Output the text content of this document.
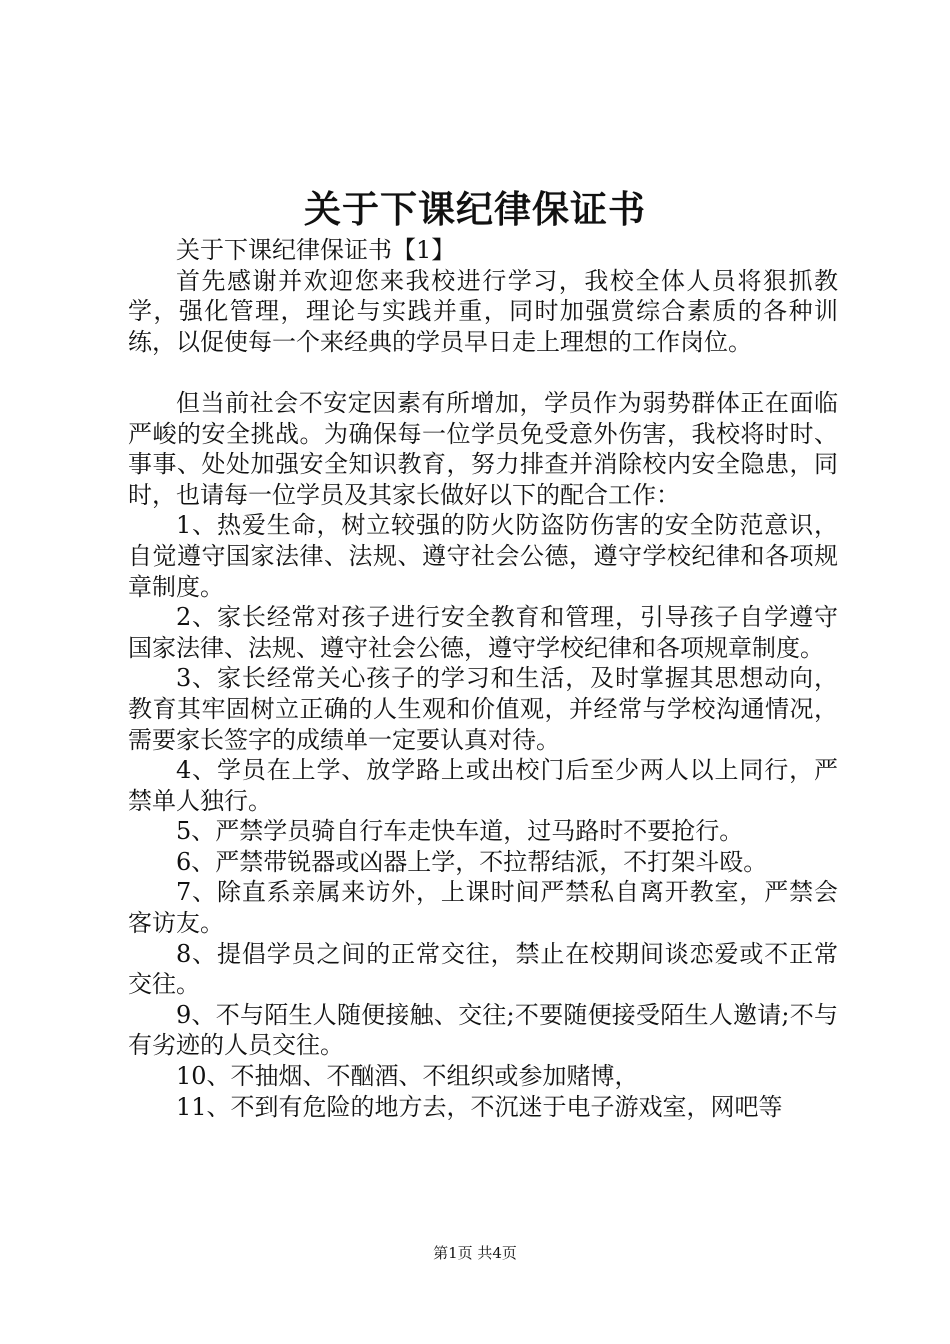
关于下课纪律保证书

关于下课纪律保证书【1】

首先感谢并欢迎您来我校进行学习，我校全体人员将狠抓教学，强化管理，理论与实践并重，同时加强赏综合素质的各种训练，以促使每一个来经典的学员早日走上理想的工作岗位。

但当前社会不安定因素有所增加，学员作为弱势群体正在面临严峻的安全挑战。为确保每一位学员免受意外伤害，我校将时时、事事、处处加强安全知识教育，努力排查并消除校内安全隐患，同时，也请每一位学员及其家长做好以下的配合工作：

1、热爱生命，树立较强的防火防盗防伤害的安全防范意识，自觉遵守国家法律、法规、遵守社会公德，遵守学校纪律和各项规章制度。

2、家长经常对孩子进行安全教育和管理，引导孩子自学遵守国家法律、法规、遵守社会公德，遵守学校纪律和各项规章制度。

3、家长经常关心孩子的学习和生活，及时掌握其思想动向，教育其牢固树立正确的人生观和价值观，并经常与学校沟通情况，需要家长签字的成绩单一定要认真对待。

4、学员在上学、放学路上或出校门后至少两人以上同行，严禁单人独行。

5、严禁学员骑自行车走快车道，过马路时不要抢行。

6、严禁带锐器或凶器上学，不拉帮结派，不打架斗殴。

7、除直系亲属来访外，上课时间严禁私自离开教室，严禁会客访友。

8、提倡学员之间的正常交往，禁止在校期间谈恋爱或不正常交往。

9、不与陌生人随便接触、交往;不要随便接受陌生人邀请;不与有劣迹的人员交往。

10、不抽烟、不酗酒、不组织或参加赌博，

11、不到有危险的地方去，不沉迷于电子游戏室，网吧等

第1页 共4页
